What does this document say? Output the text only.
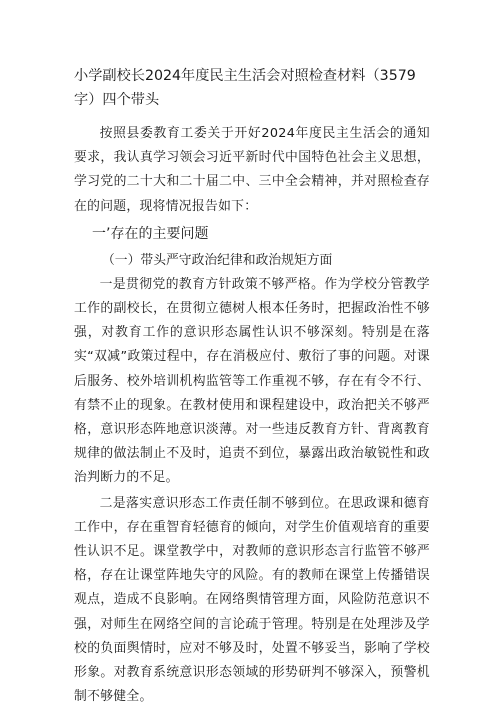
小学副校长2024年度民主生活会对照检查材料（3579字）四个带头

按照县委教育工委关于开好2024年度民主生活会的通知要求，我认真学习领会习近平新时代中国特色社会主义思想，学习党的二十大和二十届二中、三中全会精神，并对照检查存在的问题，现将情况报告如下：

一’存在的主要问题
（一）带头严守政治纪律和政治规矩方面

一是贯彻党的教育方针政策不够严格。作为学校分管教学工作的副校长，在贯彻立德树人根本任务时，把握政治性不够强，对教育工作的意识形态属性认识不够深刻。特别是在落实“双减”政策过程中，存在消极应付、敷衍了事的问题。对课后服务、校外培训机构监管等工作重视不够，存在有令不行、有禁不止的现象。在教材使用和课程建设中，政治把关不够严格，意识形态阵地意识淡薄。对一些违反教育方针、背离教育规律的做法制止不及时，追责不到位，暴露出政治敏锐性和政治判断力的不足。

二是落实意识形态工作责任制不够到位。在思政课和德育工作中，存在重智育轻德育的倾向，对学生价值观培育的重要性认识不足。课堂教学中，对教师的意识形态言行监管不够严格，存在让课堂阵地失守的风险。有的教师在课堂上传播错误观点，造成不良影响。在网络舆情管理方面，风险防范意识不强，对师生在网络空间的言论疏于管理。特别是在处理涉及学校的负面舆情时，应对不够及时，处置不够妥当，影响了学校形象。对教育系统意识形态领域的形势研判不够深入，预警机制不够健全。
